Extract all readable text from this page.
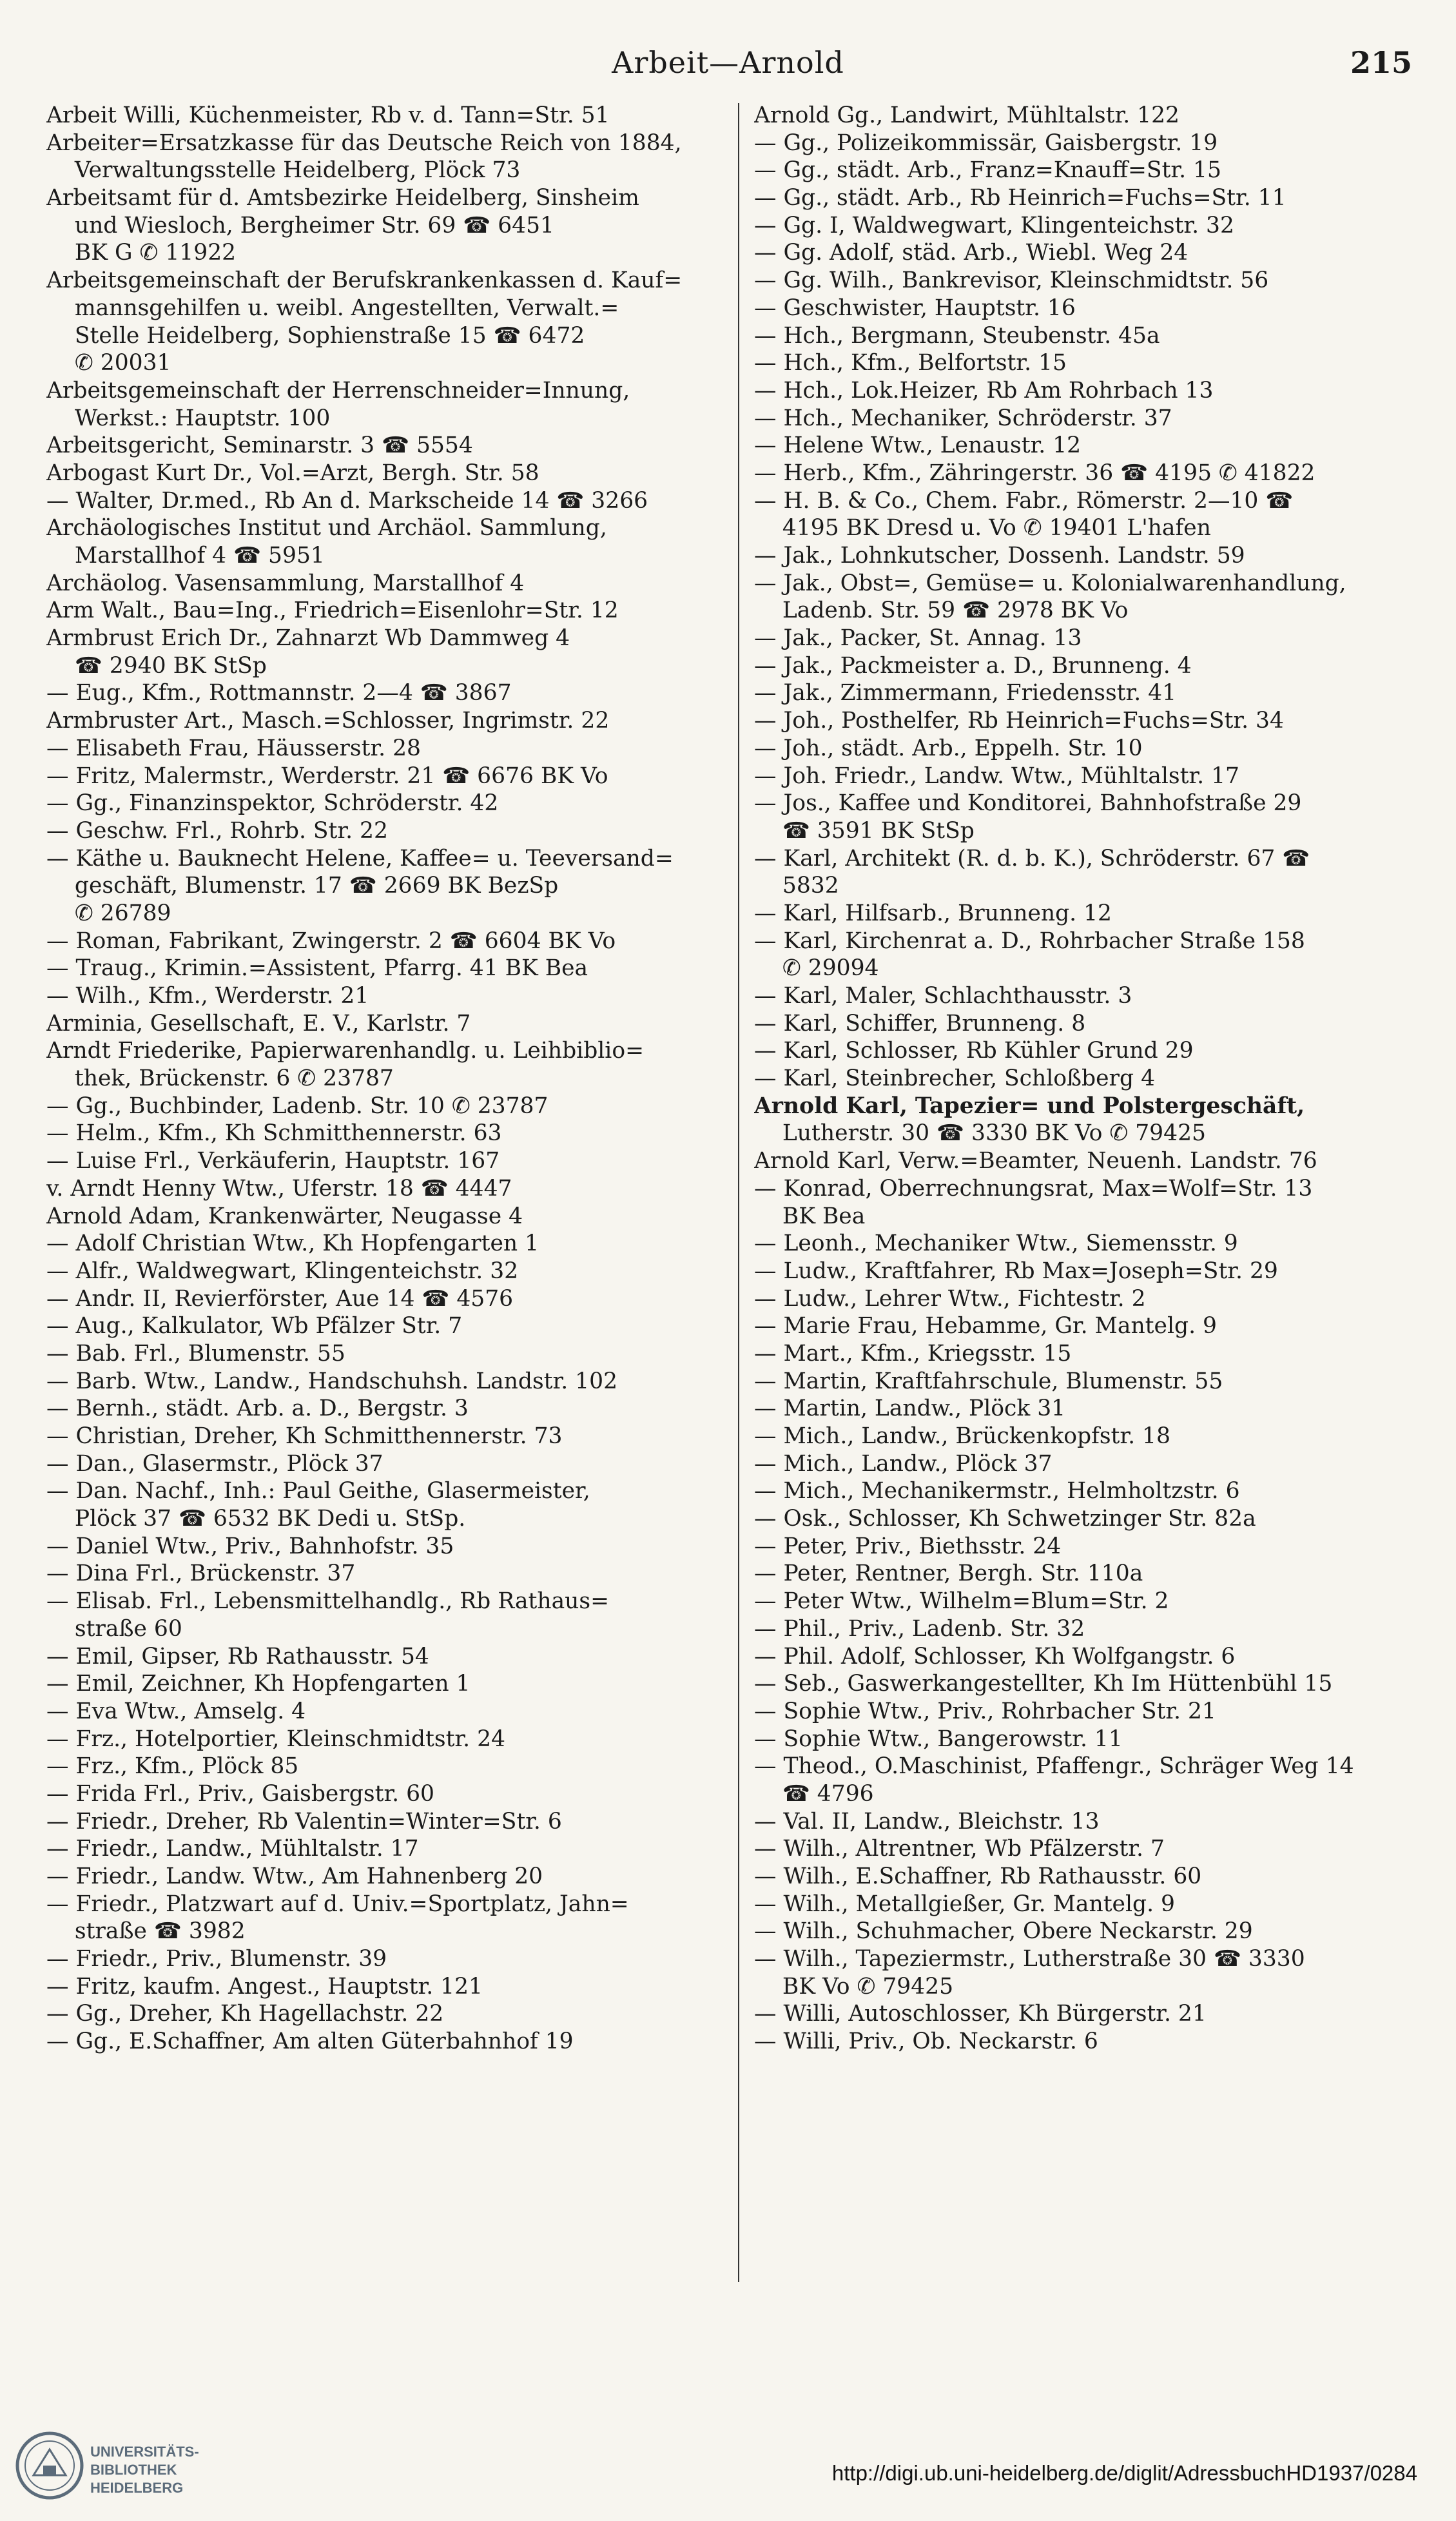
Arbeit—Arnold	215
Arbeit Willi, Küchenmeister, Rb v. d. Tann=Str. 51
Arbeiter=Ersatzkasse für das Deutsche Reich von 1884,
Verwaltungsstelle Heidelberg, Plöck 73
Arbeitsamt für d. Amtsbezirke Heidelberg, Sinsheim
und Wiesloch, Bergheimer Str. 69 ☎ 6451
BK G ✆ 11922
Arbeitsgemeinschaft der Berufskrankenkassen d. Kauf=
mannsgehilfen u. weibl. Angestellten, Verwalt.=
Stelle Heidelberg, Sophienstraße 15 ☎ 6472
✆ 20031
Arbeitsgemeinschaft der Herrenschneider=Innung,
Werkst.: Hauptstr. 100
Arbeitsgericht, Seminarstr. 3 ☎ 5554
Arbogast Kurt Dr., Vol.=Arzt, Bergh. Str. 58
— Walter, Dr.med., Rb An d. Markscheide 14 ☎ 3266
Archäologisches Institut und Archäol. Sammlung,
Marstallhof 4 ☎ 5951
Archäolog. Vasensammlung, Marstallhof 4
Arm Walt., Bau=Ing., Friedrich=Eisenlohr=Str. 12
Armbrust Erich Dr., Zahnarzt Wb Dammweg 4
☎ 2940 BK StSp
— Eug., Kfm., Rottmannstr. 2—4 ☎ 3867
Armbruster Art., Masch.=Schlosser, Ingrimstr. 22
— Elisabeth Frau, Häusserstr. 28
— Fritz, Malermstr., Werderstr. 21 ☎ 6676 BK Vo
— Gg., Finanzinspektor, Schröderstr. 42
— Geschw. Frl., Rohrb. Str. 22
— Käthe u. Bauknecht Helene, Kaffee= u. Teeversand=
geschäft, Blumenstr. 17 ☎ 2669 BK BezSp
✆ 26789
— Roman, Fabrikant, Zwingerstr. 2 ☎ 6604 BK Vo
— Traug., Krimin.=Assistent, Pfarrg. 41 BK Bea
— Wilh., Kfm., Werderstr. 21
Arminia, Gesellschaft, E. V., Karlstr. 7
Arndt Friederike, Papierwarenhandlg. u. Leihbiblio=
thek, Brückenstr. 6 ✆ 23787
— Gg., Buchbinder, Ladenb. Str. 10 ✆ 23787
— Helm., Kfm., Kh Schmitthennerstr. 63
— Luise Frl., Verkäuferin, Hauptstr. 167
v. Arndt Henny Wtw., Uferstr. 18 ☎ 4447
Arnold Adam, Krankenwärter, Neugasse 4
— Adolf Christian Wtw., Kh Hopfengarten 1
— Alfr., Waldwegwart, Klingenteichstr. 32
— Andr. II, Revierförster, Aue 14 ☎ 4576
— Aug., Kalkulator, Wb Pfälzer Str. 7
— Bab. Frl., Blumenstr. 55
— Barb. Wtw., Landw., Handschuhsh. Landstr. 102
— Bernh., städt. Arb. a. D., Bergstr. 3
— Christian, Dreher, Kh Schmitthennerstr. 73
— Dan., Glasermstr., Plöck 37
— Dan. Nachf., Inh.: Paul Geithe, Glasermeister,
Plöck 37 ☎ 6532 BK Dedi u. StSp.
— Daniel Wtw., Priv., Bahnhofstr. 35
— Dina Frl., Brückenstr. 37
— Elisab. Frl., Lebensmittelhandlg., Rb Rathaus=
straße 60
— Emil, Gipser, Rb Rathausstr. 54
— Emil, Zeichner, Kh Hopfengarten 1
— Eva Wtw., Amselg. 4
— Frz., Hotelportier, Kleinschmidtstr. 24
— Frz., Kfm., Plöck 85
— Frida Frl., Priv., Gaisbergstr. 60
— Friedr., Dreher, Rb Valentin=Winter=Str. 6
— Friedr., Landw., Mühltalstr. 17
— Friedr., Landw. Wtw., Am Hahnenberg 20
— Friedr., Platzwart auf d. Univ.=Sportplatz, Jahn=
straße ☎ 3982
— Friedr., Priv., Blumenstr. 39
— Fritz, kaufm. Angest., Hauptstr. 121
— Gg., Dreher, Kh Hagellachstr. 22
— Gg., E.Schaffner, Am alten Güterbahnhof 19
Arnold Gg., Landwirt, Mühltalstr. 122
— Gg., Polizeikommissär, Gaisbergstr. 19
— Gg., städt. Arb., Franz=Knauff=Str. 15
— Gg., städt. Arb., Rb Heinrich=Fuchs=Str. 11
— Gg. I, Waldwegwart, Klingenteichstr. 32
— Gg. Adolf, städ. Arb., Wiebl. Weg 24
— Gg. Wilh., Bankrevisor, Kleinschmidtstr. 56
— Geschwister, Hauptstr. 16
— Hch., Bergmann, Steubenstr. 45a
— Hch., Kfm., Belfortstr. 15
— Hch., Lok.Heizer, Rb Am Rohrbach 13
— Hch., Mechaniker, Schröderstr. 37
— Helene Wtw., Lenaustr. 12
— Herb., Kfm., Zähringerstr. 36 ☎ 4195 ✆ 41822
— H. B. & Co., Chem. Fabr., Römerstr. 2—10 ☎
4195 BK Dresd u. Vo ✆ 19401 L'hafen
— Jak., Lohnkutscher, Dossenh. Landstr. 59
— Jak., Obst=, Gemüse= u. Kolonialwarenhandlung,
Ladenb. Str. 59 ☎ 2978 BK Vo
— Jak., Packer, St. Annag. 13
— Jak., Packmeister a. D., Brunneng. 4
— Jak., Zimmermann, Friedensstr. 41
— Joh., Posthelfer, Rb Heinrich=Fuchs=Str. 34
— Joh., städt. Arb., Eppelh. Str. 10
— Joh. Friedr., Landw. Wtw., Mühltalstr. 17
— Jos., Kaffee und Konditorei, Bahnhofstraße 29
☎ 3591 BK StSp
— Karl, Architekt (R. d. b. K.), Schröderstr. 67 ☎
5832
— Karl, Hilfsarb., Brunneng. 12
— Karl, Kirchenrat a. D., Rohrbacher Straße 158
✆ 29094
— Karl, Maler, Schlachthausstr. 3
— Karl, Schiffer, Brunneng. 8
— Karl, Schlosser, Rb Kühler Grund 29
— Karl, Steinbrecher, Schloßberg 4
Arnold Karl, Tapezier= und Polstergeschäft,
Lutherstr. 30 ☎ 3330 BK Vo ✆ 79425
Arnold Karl, Verw.=Beamter, Neuenh. Landstr. 76
— Konrad, Oberrechnungsrat, Max=Wolf=Str. 13
BK Bea
— Leonh., Mechaniker Wtw., Siemensstr. 9
— Ludw., Kraftfahrer, Rb Max=Joseph=Str. 29
— Ludw., Lehrer Wtw., Fichtestr. 2
— Marie Frau, Hebamme, Gr. Mantelg. 9
— Mart., Kfm., Kriegsstr. 15
— Martin, Kraftfahrschule, Blumenstr. 55
— Martin, Landw., Plöck 31
— Mich., Landw., Brückenkopfstr. 18
— Mich., Landw., Plöck 37
— Mich., Mechanikermstr., Helmholtzstr. 6
— Osk., Schlosser, Kh Schwetzinger Str. 82a
— Peter, Priv., Biethsstr. 24
— Peter, Rentner, Bergh. Str. 110a
— Peter Wtw., Wilhelm=Blum=Str. 2
— Phil., Priv., Ladenb. Str. 32
— Phil. Adolf, Schlosser, Kh Wolfgangstr. 6
— Seb., Gaswerkangestellter, Kh Im Hüttenbühl 15
— Sophie Wtw., Priv., Rohrbacher Str. 21
— Sophie Wtw., Bangerowstr. 11
— Theod., O.Maschinist, Pfaffengr., Schräger Weg 14
☎ 4796
— Val. II, Landw., Bleichstr. 13
— Wilh., Altrentner, Wb Pfälzerstr. 7
— Wilh., E.Schaffner, Rb Rathausstr. 60
— Wilh., Metallgießer, Gr. Mantelg. 9
— Wilh., Schuhmacher, Obere Neckarstr. 29
— Wilh., Tapeziermstr., Lutherstraße 30 ☎ 3330
BK Vo ✆ 79425
— Willi, Autoschlosser, Kh Bürgerstr. 21
— Willi, Priv., Ob. Neckarstr. 6
UNIVERSITÄTS-
BIBLIOTHEK
HEIDELBERG
http://digi.ub.uni-heidelberg.de/diglit/AdressbuchHD1937/0284
